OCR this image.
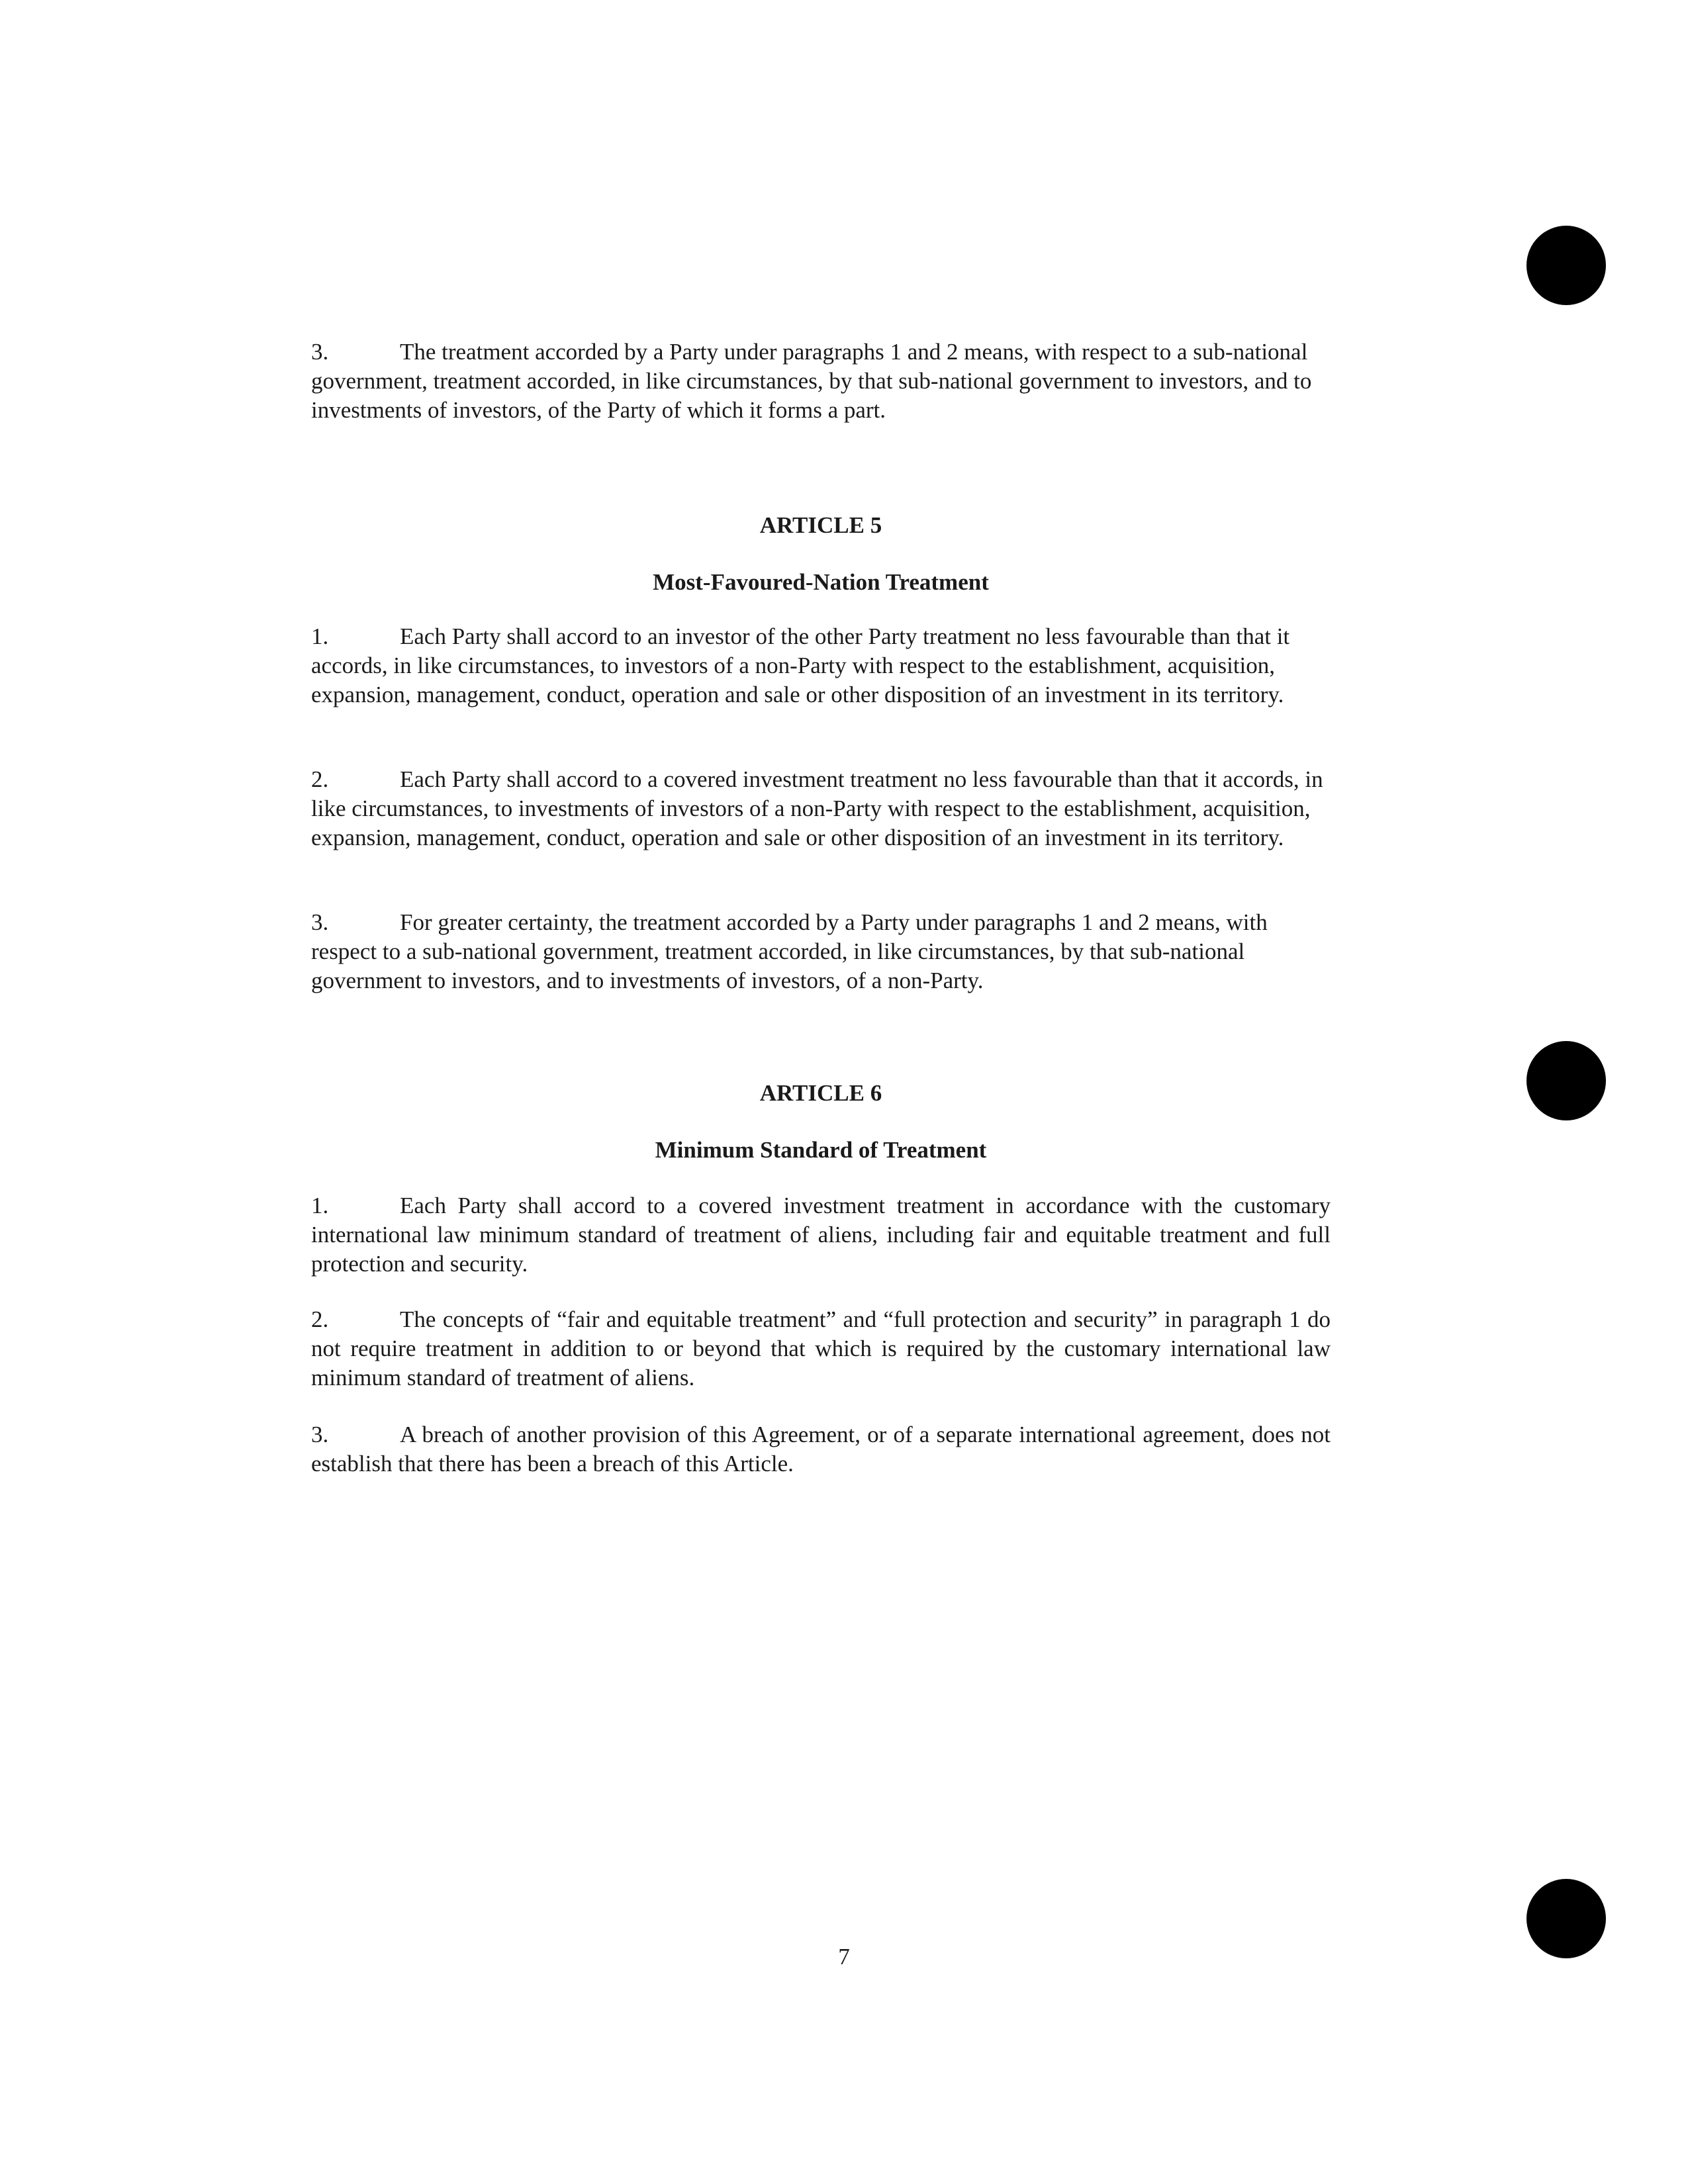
3.	The treatment accorded by a Party under paragraphs 1 and 2 means, with respect to a sub-national government, treatment accorded, in like circumstances, by that sub-national government to investors, and to investments of investors, of the Party of which it forms a part.

ARTICLE 5

Most-Favoured-Nation Treatment

1.	Each Party shall accord to an investor of the other Party treatment no less favourable than that it accords, in like circumstances, to investors of a non-Party with respect to the establishment, acquisition, expansion, management, conduct, operation and sale or other disposition of an investment in its territory.

2.	Each Party shall accord to a covered investment treatment no less favourable than that it accords, in like circumstances, to investments of investors of a non-Party with respect to the establishment, acquisition, expansion, management, conduct, operation and sale or other disposition of an investment in its territory.

3.	For greater certainty, the treatment accorded by a Party under paragraphs 1 and 2 means, with respect to a sub-national government, treatment accorded, in like circumstances, by that sub-national government to investors, and to investments of investors, of a non-Party.

ARTICLE 6

Minimum Standard of Treatment

1.	Each Party shall accord to a covered investment treatment in accordance with the customary international law minimum standard of treatment of aliens, including fair and equitable treatment and full protection and security.

2.	The concepts of “fair and equitable treatment” and “full protection and security” in paragraph 1 do not require treatment in addition to or beyond that which is required by the customary international law minimum standard of treatment of aliens.

3.	A breach of another provision of this Agreement, or of a separate international agreement, does not establish that there has been a breach of this Article.

7
